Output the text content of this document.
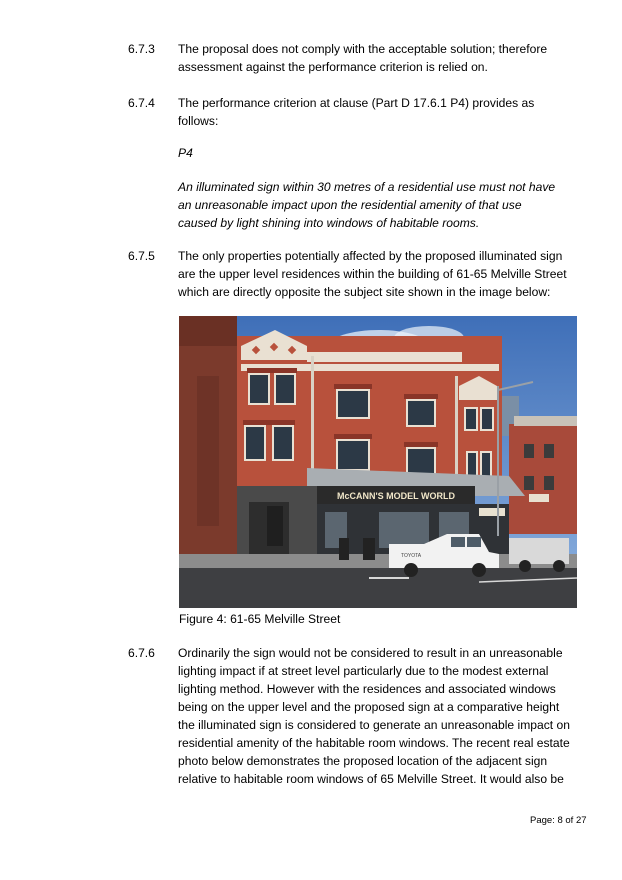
6.7.3	The proposal does not comply with the acceptable solution; therefore
assessment against the performance criterion is relied on.
6.7.4	The performance criterion at clause (Part D 17.6.1 P4) provides as
follows:
P4
An illuminated sign within 30 metres of a residential use must not have
an unreasonable impact upon the residential amenity of that use
caused by light shining into windows of habitable rooms.
6.7.5	The only properties potentially affected by the proposed illuminated sign
are the upper level residences within the building of 61-65 Melville Street
which are directly opposite the subject site shown in the image below:
McCANN'S MODEL WORLD
TOYOTA
Figure 4: 61-65 Melville Street
6.7.6	Ordinarily the sign would not be considered to result in an unreasonable
lighting impact if at street level particularly due to the modest external
lighting method. However with the residences and associated windows
being on the upper level and the proposed sign at a comparative height
the illuminated sign is considered to generate an unreasonable impact on
residential amenity of the habitable room windows. The recent real estate
photo below demonstrates the proposed location of the adjacent sign
relative to habitable room windows of 65 Melville Street. It would also be
Page: 8 of 27
